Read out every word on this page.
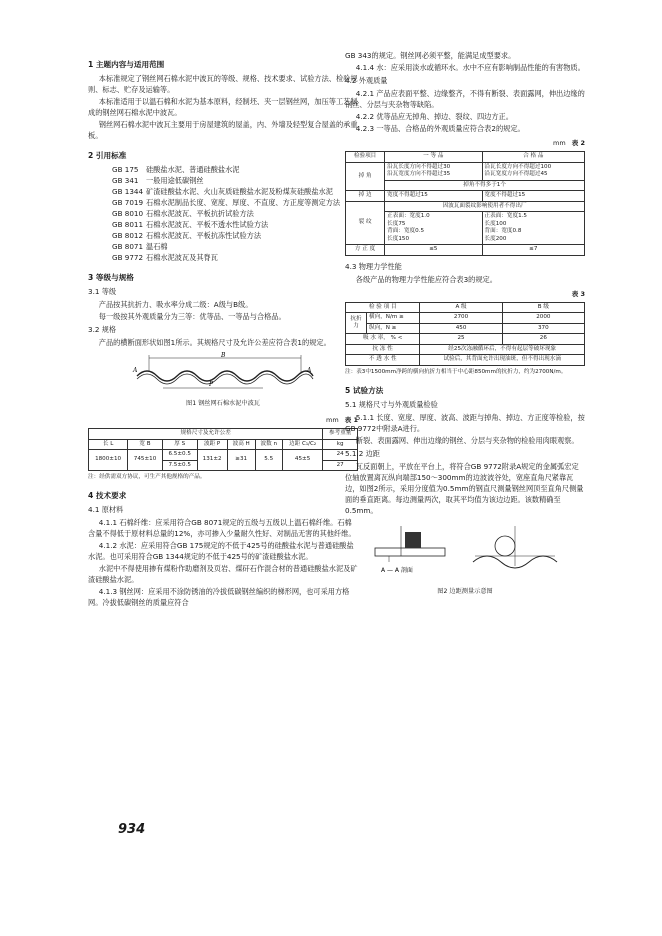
1 主题内容与适用范围

本标准规定了钢丝网石棉水泥中波瓦的等级、规格、技术要求、试验方法、检验规则、标志、贮存及运输等。

本标准适用于以温石棉和水泥为基本原料，经制坯、夹一层钢丝网，加压等工艺制成的钢丝网石棉水泥中波瓦。

钢丝网石棉水泥中波瓦主要用于房屋建筑的屋盖，内、外墙及轻型复合屋盖的承重板。

2 引用标准
GB 175	硅酸盐水泥、普通硅酸盐水泥
GB 341	一般用途低碳钢丝
GB 1344 矿渣硅酸盐水泥、火山灰质硅酸盐水泥及粉煤灰硅酸盐水泥
GB 7019 石棉水泥制品长度、宽度、厚度、不直度、方正度等测定方法
GB 8010 石棉水泥波瓦、平板抗折试验方法
GB 8011 石棉水泥波瓦、平板不透水性试验方法
GB 8012 石棉水泥波瓦、平板抗冻性试验方法
GB 8071 温石棉
GB 9772 石棉水泥波瓦及其脊瓦
3 等级与规格
3.1 等级

产品按其抗折力、吸水率分成二级：A级与B级。

每一级按其外观质量分为三等：优等品、一等品与合格品。

3.2 规格

产品的横断面形状如图1所示。其规格尺寸及允许公差应符合表1的规定。

B
P
A	A
图1 钢丝网石棉水泥中波瓦
mm 表 1
规格尺寸及允许公差							参考重量
长 L	宽 B	厚 S	波距 P	波高 H	波数 n	边距 C₁/C₂	kg
1800±10	745±10	6.5±0.5	131±2	≥31	5.5	45±5	24
		7.5±0.5					27
注：经供需双方协议，可生产其他规格的产品。
4 技术要求
4.1 原材料

4.1.1 石棉纤维：应采用符合GB 8071规定的五级与五级以上温石棉纤维。石棉含量不得低于原材料总量的12%，亦可掺入少量耐久性好、对制品无害的其他纤维。

4.1.2 水泥：应采用符合GB 175规定的不低于425号的硅酸盐水泥与普通硅酸盐水泥。也可采用符合GB 1344规定的不低于425号的矿渣硅酸盐水泥。

水泥中不得使用掺有煤粉作助磨剂及页岩、煤矸石作混合材的普通硅酸盐水泥及矿渣硅酸盐水泥。

4.1.3 钢丝网：应采用不涂防锈油的冷拔低碳钢丝编织的梯形网，也可采用方格网。冷拔低碳钢丝的质量应符合

GB 343的规定。钢丝网必须平整，能满足成型要求。

4.1.4 水：应采用淡水或循环水。水中不应有影响制品性能的有害物质。

4.2 外观质量

4.2.1 产品应表面平整、边缘整齐，不得有断裂、表面露网，伸出边缘的钢丝、分层与夹杂物等缺陷。

4.2.2 优等品应无掉角、掉边、裂纹、四边方正。

4.2.3 一等品、合格品的外观质量应符合表2的规定。

mm 表 2
检验项目	一 等 品	合 格 品
掉 角	沿瓦长度方向不得超过30
沿瓦宽度方向不得超过35	沿瓦长度方向不得超过100
沿瓦宽度方向不得超过45
	掉角不得多于1个	
掉 边	宽度不得超过15	宽度不得超过15
裂 纹	因波瓦面裂纹影响使用者不得出厂	
	正表面：宽度1.0
长度75
背面：宽度0.5
长度150	正表面：宽度1.5
长度100
背面：宽度0.8
长度200
方 正 度	≤5	≤7
4.3 物理力学性能

各级产品的物理力学性能应符合表3的规定。

表 3
检 验 项 目		A 级	B 级
抗折力	横向，N/m ≥	2700	2000
	纵向，N ≥	450	370
吸 水 率， % <		25	26
抗 冻 性		经25次冻融循环后，不得有起层等破坏现象	
不 透 水 性		试验后，其背面允许出现油斑，但不得出现水滴	
注：表3中1500mm净跨的横向抗折力相当于中心距850mm的抗折力，约为2700N/m。
5 试验方法
5.1 规格尺寸与外观质量检验

5.1.1 长度、宽度、厚度、波高、波距与掉角、掉边、方正度等检验，按GB 9772中附录A进行。

断裂、表面露网、伸出边缘的钢丝、分层与夹杂物的检验用肉眼观察。

5.1.2 边距

瓦反面朝上，平放在平台上，将符合GB 9772附录A规定的金属弧宏定位轴放置离瓦纵向端部150～300mm的边波波谷处，宽座直角尺紧靠瓦边，如图2所示，采用分度值为0.5mm的钢直尺测量钢丝网顶至直角尺侧量面的垂直距离。每边测量两次，取其平均值为该边边距。该数精确至0.5mm。

A — A 剖面
图2 边距测量示意图
934
